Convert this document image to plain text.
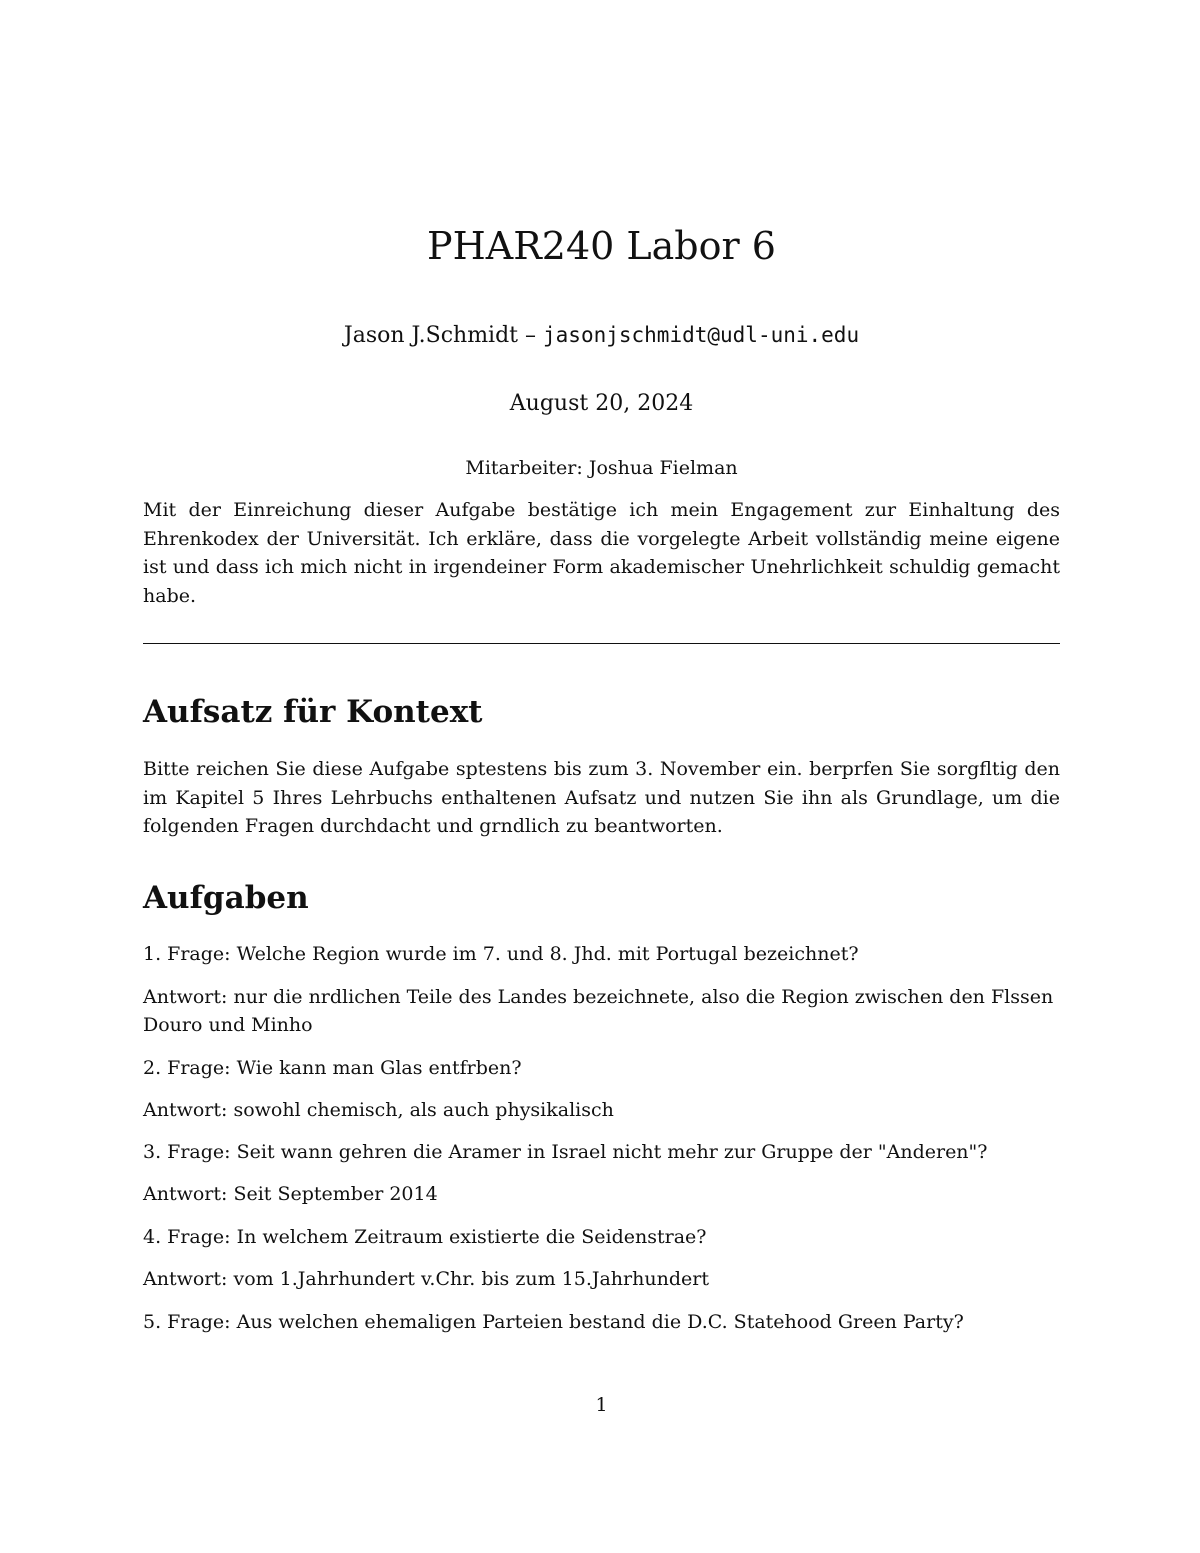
PHAR240 Labor 6
Jason J.Schmidt – jasonjschmidt@udl-uni.edu
August 20, 2024
Mitarbeiter: Joshua Fielman

Mit der Einreichung dieser Aufgabe bestätige ich mein Engagement zur Einhaltung des Ehrenkodex der Universität. Ich erkläre, dass die vorgelegte Arbeit vollständig meine eigene ist und dass ich mich nicht in irgendeiner Form akademischer Unehrlichkeit schuldig gemacht habe.

Aufsatz für Kontext

Bitte reichen Sie diese Aufgabe sptestens bis zum 3. November ein. berprfen Sie sorgfltig den im Kapitel 5 Ihres Lehrbuchs enthaltenen Aufsatz und nutzen Sie ihn als Grundlage, um die folgenden Fragen durchdacht und grndlich zu beantworten.

Aufgaben

1. Frage: Welche Region wurde im 7. und 8. Jhd. mit Portugal bezeichnet?

Antwort: nur die nrdlichen Teile des Landes bezeichnete, also die Region zwischen den Flssen Douro und Minho

2. Frage: Wie kann man Glas entfrben?

Antwort: sowohl chemisch, als auch physikalisch

3. Frage: Seit wann gehren die Aramer in Israel nicht mehr zur Gruppe der "Anderen"?

Antwort: Seit September 2014

4. Frage: In welchem Zeitraum existierte die Seidenstrae?

Antwort: vom 1.Jahrhundert v.Chr. bis zum 15.Jahrhundert

5. Frage: Aus welchen ehemaligen Parteien bestand die D.C. Statehood Green Party?

1
